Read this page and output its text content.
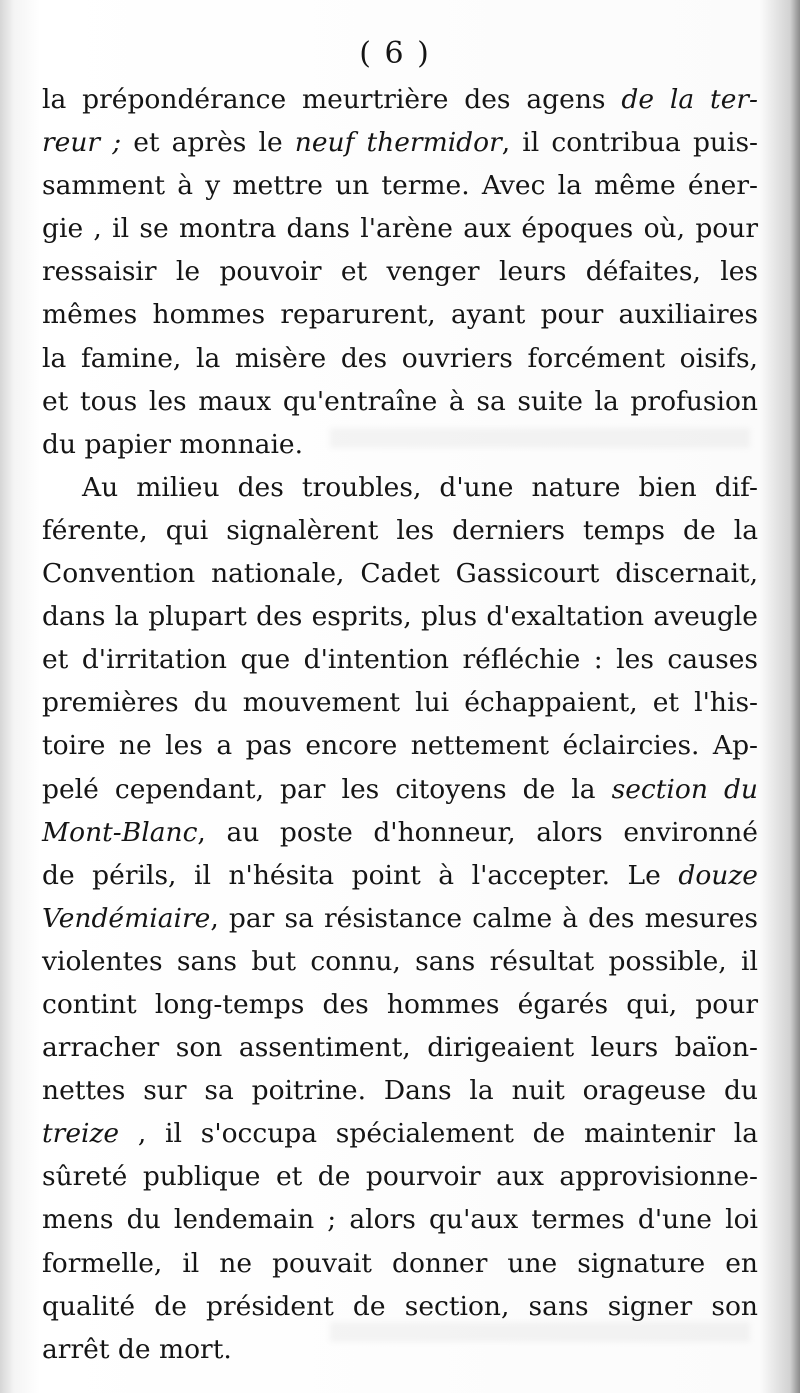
( 6 )
la prépondérance meurtrière des agens de la ter-
reur ; et après le neuf thermidor, il contribua puis-
samment à y mettre un terme. Avec la même éner-
gie , il se montra dans l'arène aux époques où, pour
ressaisir le pouvoir et venger leurs défaites, les
mêmes hommes reparurent, ayant pour auxiliaires
la famine, la misère des ouvriers forcément oisifs,
et tous les maux qu'entraîne à sa suite la profusion
du papier monnaie.
Au milieu des troubles, d'une nature bien dif-
férente, qui signalèrent les derniers temps de la
Convention nationale, Cadet Gassicourt discernait,
dans la plupart des esprits, plus d'exaltation aveugle
et d'irritation que d'intention réfléchie : les causes
premières du mouvement lui échappaient, et l'his-
toire ne les a pas encore nettement éclaircies. Ap-
pelé cependant, par les citoyens de la section du
Mont-Blanc, au poste d'honneur, alors environné
de périls, il n'hésita point à l'accepter. Le douze
Vendémiaire, par sa résistance calme à des mesures
violentes sans but connu, sans résultat possible, il
contint long-temps des hommes égarés qui, pour
arracher son assentiment, dirigeaient leurs baïon-
nettes sur sa poitrine. Dans la nuit orageuse du
treize , il s'occupa spécialement de maintenir la
sûreté publique et de pourvoir aux approvisionne-
mens du lendemain ; alors qu'aux termes d'une loi
formelle, il ne pouvait donner une signature en
qualité de président de section, sans signer son
arrêt de mort.
